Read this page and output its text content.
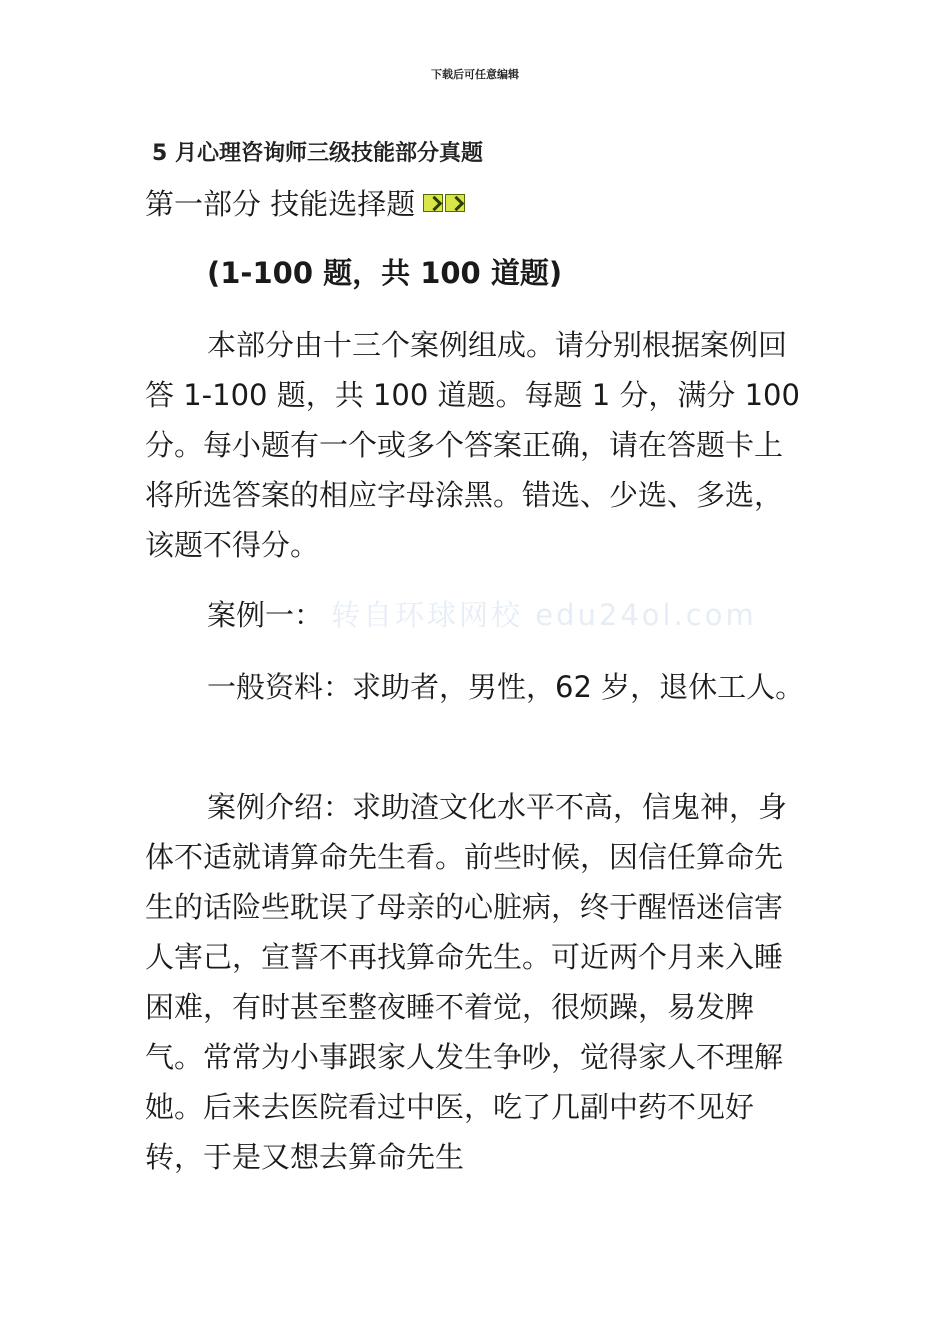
下载后可任意编辑
5 月心理咨询师三级技能部分真题
第一部分 技能选择题

(1-100 题，共 100 道题)

本部分由十三个案例组成。请分别根据案例回答 1-100 题，共 100 道题。每题 1 分，满分 100 分。每小题有一个或多个答案正确，请在答题卡上将所选答案的相应字母涂黑。错选、少选、多选，该题不得分。

案例一： 转自环球网校 edu24ol.com

一般资料：求助者，男性，62 岁，退休工人。

案例介绍：求助渣文化水平不高，信鬼神，身体不适就请算命先生看。前些时候，因信任算命先生的话险些耽误了母亲的心脏病，终于醒悟迷信害人害己，宣誓不再找算命先生。可近两个月来入睡困难，有时甚至整夜睡不着觉，很烦躁，易发脾气。常常为小事跟家人发生争吵，觉得家人不理解她。后来去医院看过中医，吃了几副中药不见好转，于是又想去算命先生
